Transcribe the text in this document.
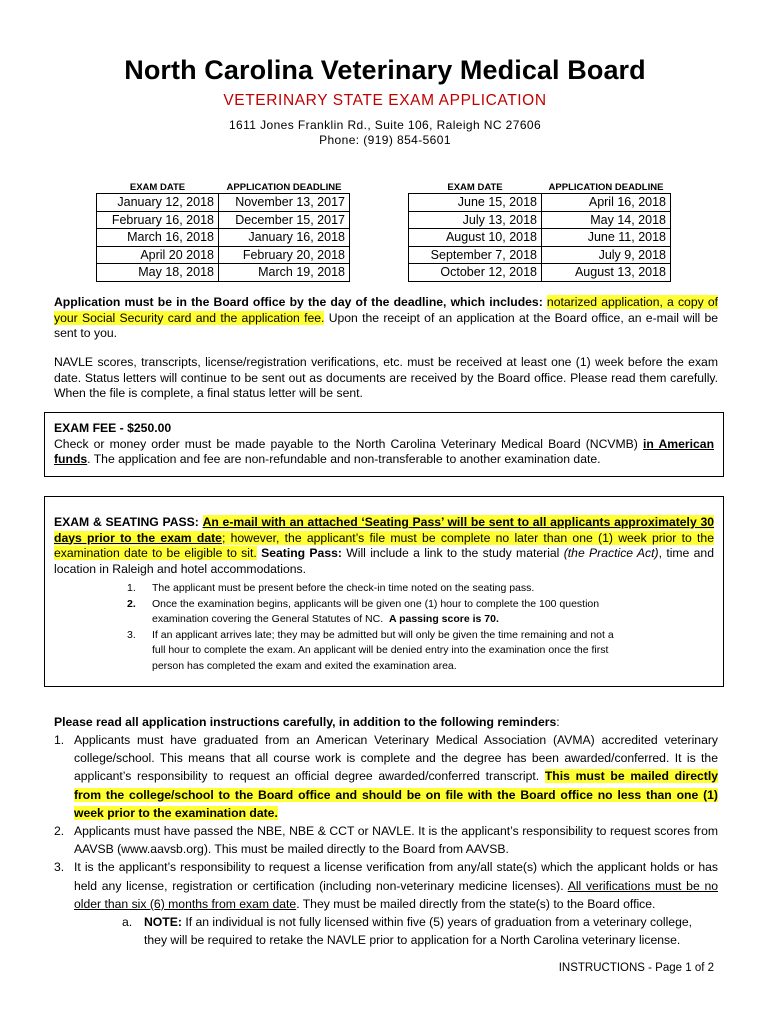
North Carolina Veterinary Medical Board
VETERINARY STATE EXAM APPLICATION
1611 Jones Franklin Rd., Suite 106, Raleigh NC 27606
Phone: (919) 854-5601
EXAM DATE	APPLICATION DEADLINE
January 12, 2018	November 13, 2017
February 16, 2018	December 15, 2017
March 16, 2018	January 16, 2018
April 20 2018	February 20, 2018
May 18, 2018	March 19, 2018
EXAM DATE	APPLICATION DEADLINE
June 15, 2018	April 16, 2018
July 13, 2018	May 14, 2018
August 10, 2018	June 11, 2018
September 7, 2018	July 9, 2018
October 12, 2018	August 13, 2018
Application must be in the Board office by the day of the deadline, which includes: notarized application, a copy of your Social Security card and the application fee. Upon the receipt of an application at the Board office, an e-mail will be sent to you.
NAVLE scores, transcripts, license/registration verifications, etc. must be received at least one (1) week before the exam date. Status letters will continue to be sent out as documents are received by the Board office. Please read them carefully. When the file is complete, a final status letter will be sent.
EXAM FEE - $250.00
Check or money order must be made payable to the North Carolina Veterinary Medical Board (NCVMB) in American funds. The application and fee are non-refundable and non-transferable to another examination date.
EXAM & SEATING PASS: An e-mail with an attached ‘Seating Pass’ will be sent to all applicants approximately 30 days prior to the exam date; however, the applicant’s file must be complete no later than one (1) week prior to the examination date to be eligible to sit. Seating Pass: Will include a link to the study material (the Practice Act), time and location in Raleigh and hotel accommodations.
1.	The applicant must be present before the check-in time noted on the seating pass.
2.	Once the examination begins, applicants will be given one (1) hour to complete the 100 question examination covering the General Statutes of NC. A passing score is 70.
3.	If an applicant arrives late; they may be admitted but will only be given the time remaining and not a full hour to complete the exam. An applicant will be denied entry into the examination once the first person has completed the exam and exited the examination area.
Please read all application instructions carefully, in addition to the following reminders:
1. Applicants must have graduated from an American Veterinary Medical Association (AVMA) accredited veterinary college/school. This means that all course work is complete and the degree has been awarded/conferred. It is the applicant’s responsibility to request an official degree awarded/conferred transcript. This must be mailed directly from the college/school to the Board office and should be on file with the Board office no less than one (1) week prior to the examination date.
2. Applicants must have passed the NBE, NBE & CCT or NAVLE. It is the applicant’s responsibility to request scores from AAVSB (www.aavsb.org). This must be mailed directly to the Board from AAVSB.
3. It is the applicant’s responsibility to request a license verification from any/all state(s) which the applicant holds or has held any license, registration or certification (including non-veterinary medicine licenses). All verifications must be no older than six (6) months from exam date. They must be mailed directly from the state(s) to the Board office.
a. NOTE: If an individual is not fully licensed within five (5) years of graduation from a veterinary college, they will be required to retake the NAVLE prior to application for a North Carolina veterinary license.
INSTRUCTIONS - Page 1 of 2
